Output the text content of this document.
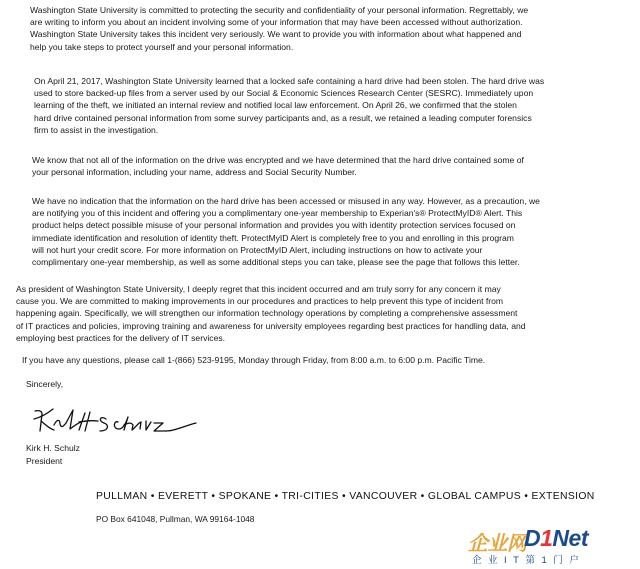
Washington State University is committed to protecting the security and confidentiality of your personal information. Regrettably, we
are writing to inform you about an incident involving some of your information that may have been accessed without authorization.
Washington State University takes this incident very seriously. We want to provide you with information about what happened and
help you take steps to protect yourself and your personal information.

On April 21, 2017, Washington State University learned that a locked safe containing a hard drive had been stolen. The hard drive was
used to store backed-up files from a server used by our Social & Economic Sciences Research Center (SESRC). Immediately upon
learning of the theft, we initiated an internal review and notified local law enforcement. On April 26, we confirmed that the stolen
hard drive contained personal information from some survey participants and, as a result, we retained a leading computer forensics
firm to assist in the investigation.

We know that not all of the information on the drive was encrypted and we have determined that the hard drive contained some of
your personal information, including your name, address and Social Security Number.

We have no indication that the information on the hard drive has been accessed or misused in any way. However, as a precaution, we
are notifying you of this incident and offering you a complimentary one-year membership to Experian's® ProtectMyID® Alert. This
product helps detect possible misuse of your personal information and provides you with identity protection services focused on
immediate identification and resolution of identity theft. ProtectMyID Alert is completely free to you and enrolling in this program
will not hurt your credit score. For more information on ProtectMyID Alert, including instructions on how to activate your
complimentary one-year membership, as well as some additional steps you can take, please see the page that follows this letter.

As president of Washington State University, I deeply regret that this incident occurred and am truly sorry for any concern it may
cause you. We are committed to making improvements in our procedures and practices to help prevent this type of incident from
happening again. Specifically, we will strengthen our information technology operations by completing a comprehensive assessment
of IT practices and policies, improving training and awareness for university employees regarding best practices for handling data, and
employing best practices for the delivery of IT services.

If you have any questions, please call 1-(866) 523-9195, Monday through Friday, from 8:00 a.m. to 6:00 p.m. Pacific Time.

Sincerely,
Kirk H. Schulz
President
PULLMAN • EVERETT • SPOKANE • TRI-CITIES • VANCOUVER • GLOBAL CAMPUS • EXTENSION
PO Box 641048, Pullman, WA 99164-1048
企业网
D1Net
企业IT第1门户
